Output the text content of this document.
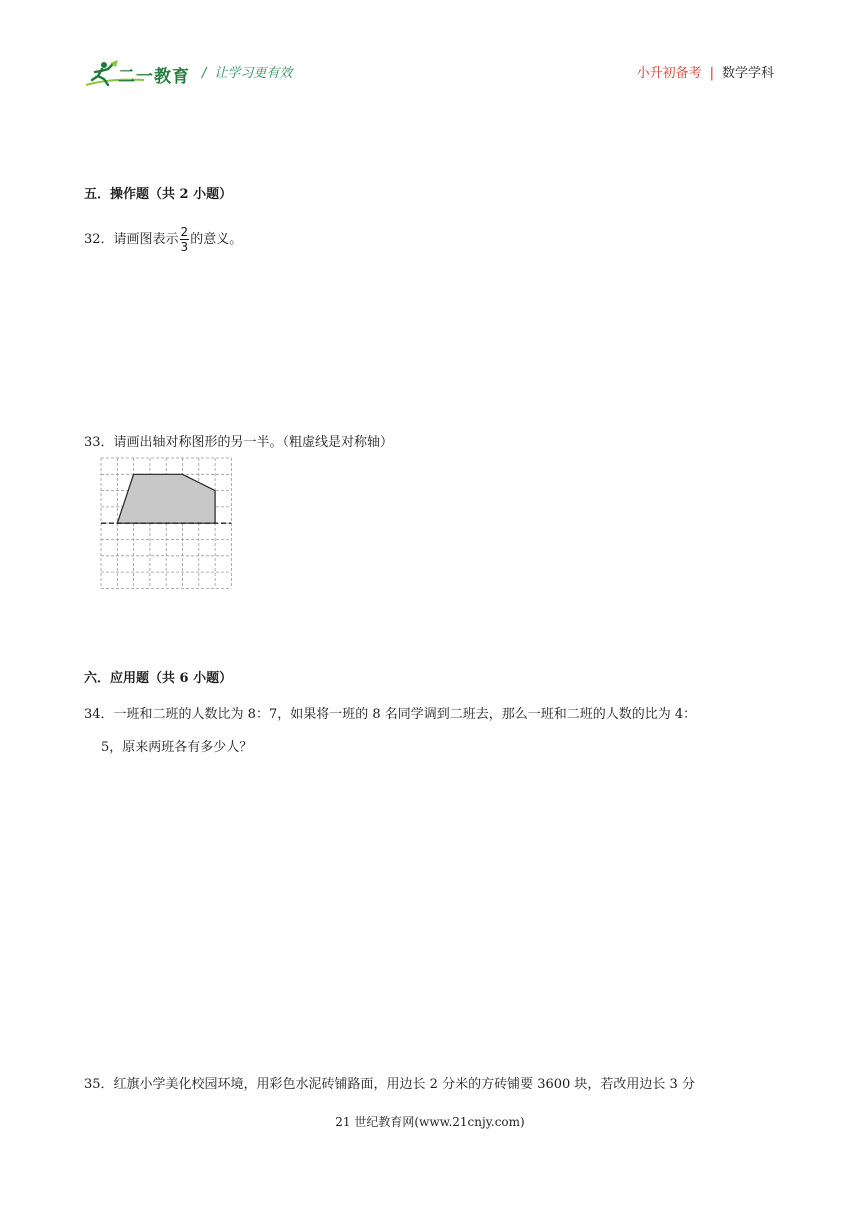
二一教育 / 让学习更有效	小升初备考 | 数学学科
五．操作题（共 2 小题）
32．请画图表示 $\frac{2}{3}$ 的意义。
33．请画出轴对称图形的另一半。（粗虚线是对称轴）
六．应用题（共 6 小题）
34．一班和二班的人数比为 8：7，如果将一班的 8 名同学调到二班去，那么一班和二班的人数的比为 4：
5，原来两班各有多少人？
35．红旗小学美化校园环境，用彩色水泥砖铺路面，用边长 2 分米的方砖铺要 3600 块，若改用边长 3 分
21 世纪教育网(www.21cnjy.com)
